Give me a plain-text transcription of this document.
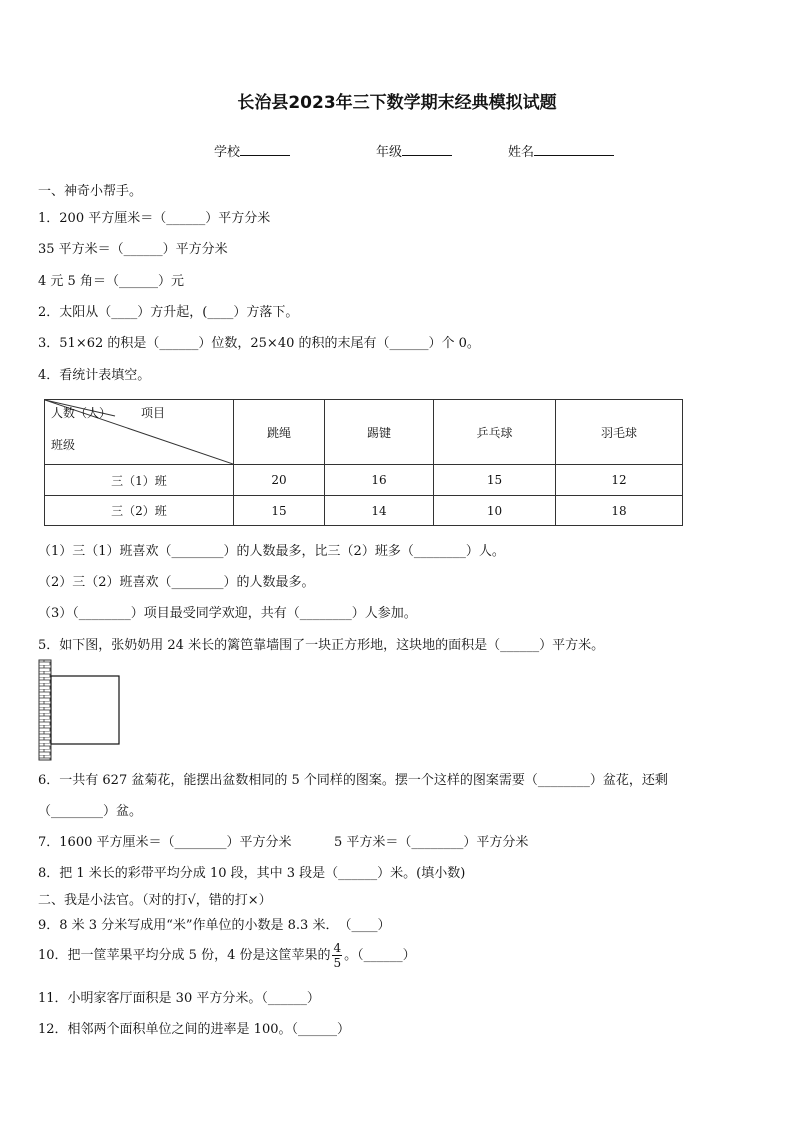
长治县2023年三下数学期末经典模拟试题
学校	年级	姓名
一、神奇小帮手。
1．200 平方厘米＝（______）平方分米
35 平方米＝（______）平方分米
4 元 5 角＝（______）元
2．太阳从（____）方升起，(____）方落下。
3．51×62 的积是（______）位数，25×40 的积的末尾有（______）个 0。
4．看统计表填空。
人数（人） 项目
班级	跳绳	踢键	乒乓球	羽毛球
三（1）班	20	16	15	12
三（2）班	15	14	10	18
（1）三（1）班喜欢（________）的人数最多，比三（2）班多（________）人。
（2）三（2）班喜欢（________）的人数最多。
（3）（________）项目最受同学欢迎，共有（________）人参加。
5．如下图，张奶奶用 24 米长的篱笆靠墙围了一块正方形地，这块地的面积是（______）平方米。
6．一共有 627 盆菊花，能摆出盆数相同的 5 个同样的图案。摆一个这样的图案需要（________）盆花，还剩
（________）盆。
7．1600 平方厘米＝（________）平方分米	5 平方米＝（________）平方分米
8．把 1 米长的彩带平均分成 10 段，其中 3 段是（______）米。(填小数)
二、我是小法官。（对的打√，错的打×）
9．8 米 3 分米写成用“米”作单位的小数是 8.3 米．　（____）
10．把一筐苹果平均分成 5 份，4 份是这筐苹果的 $\frac{4}{5}$ 。（______）
11．小明家客厅面积是 30 平方分米。（______）
12．相邻两个面积单位之间的进率是 100。（______）
